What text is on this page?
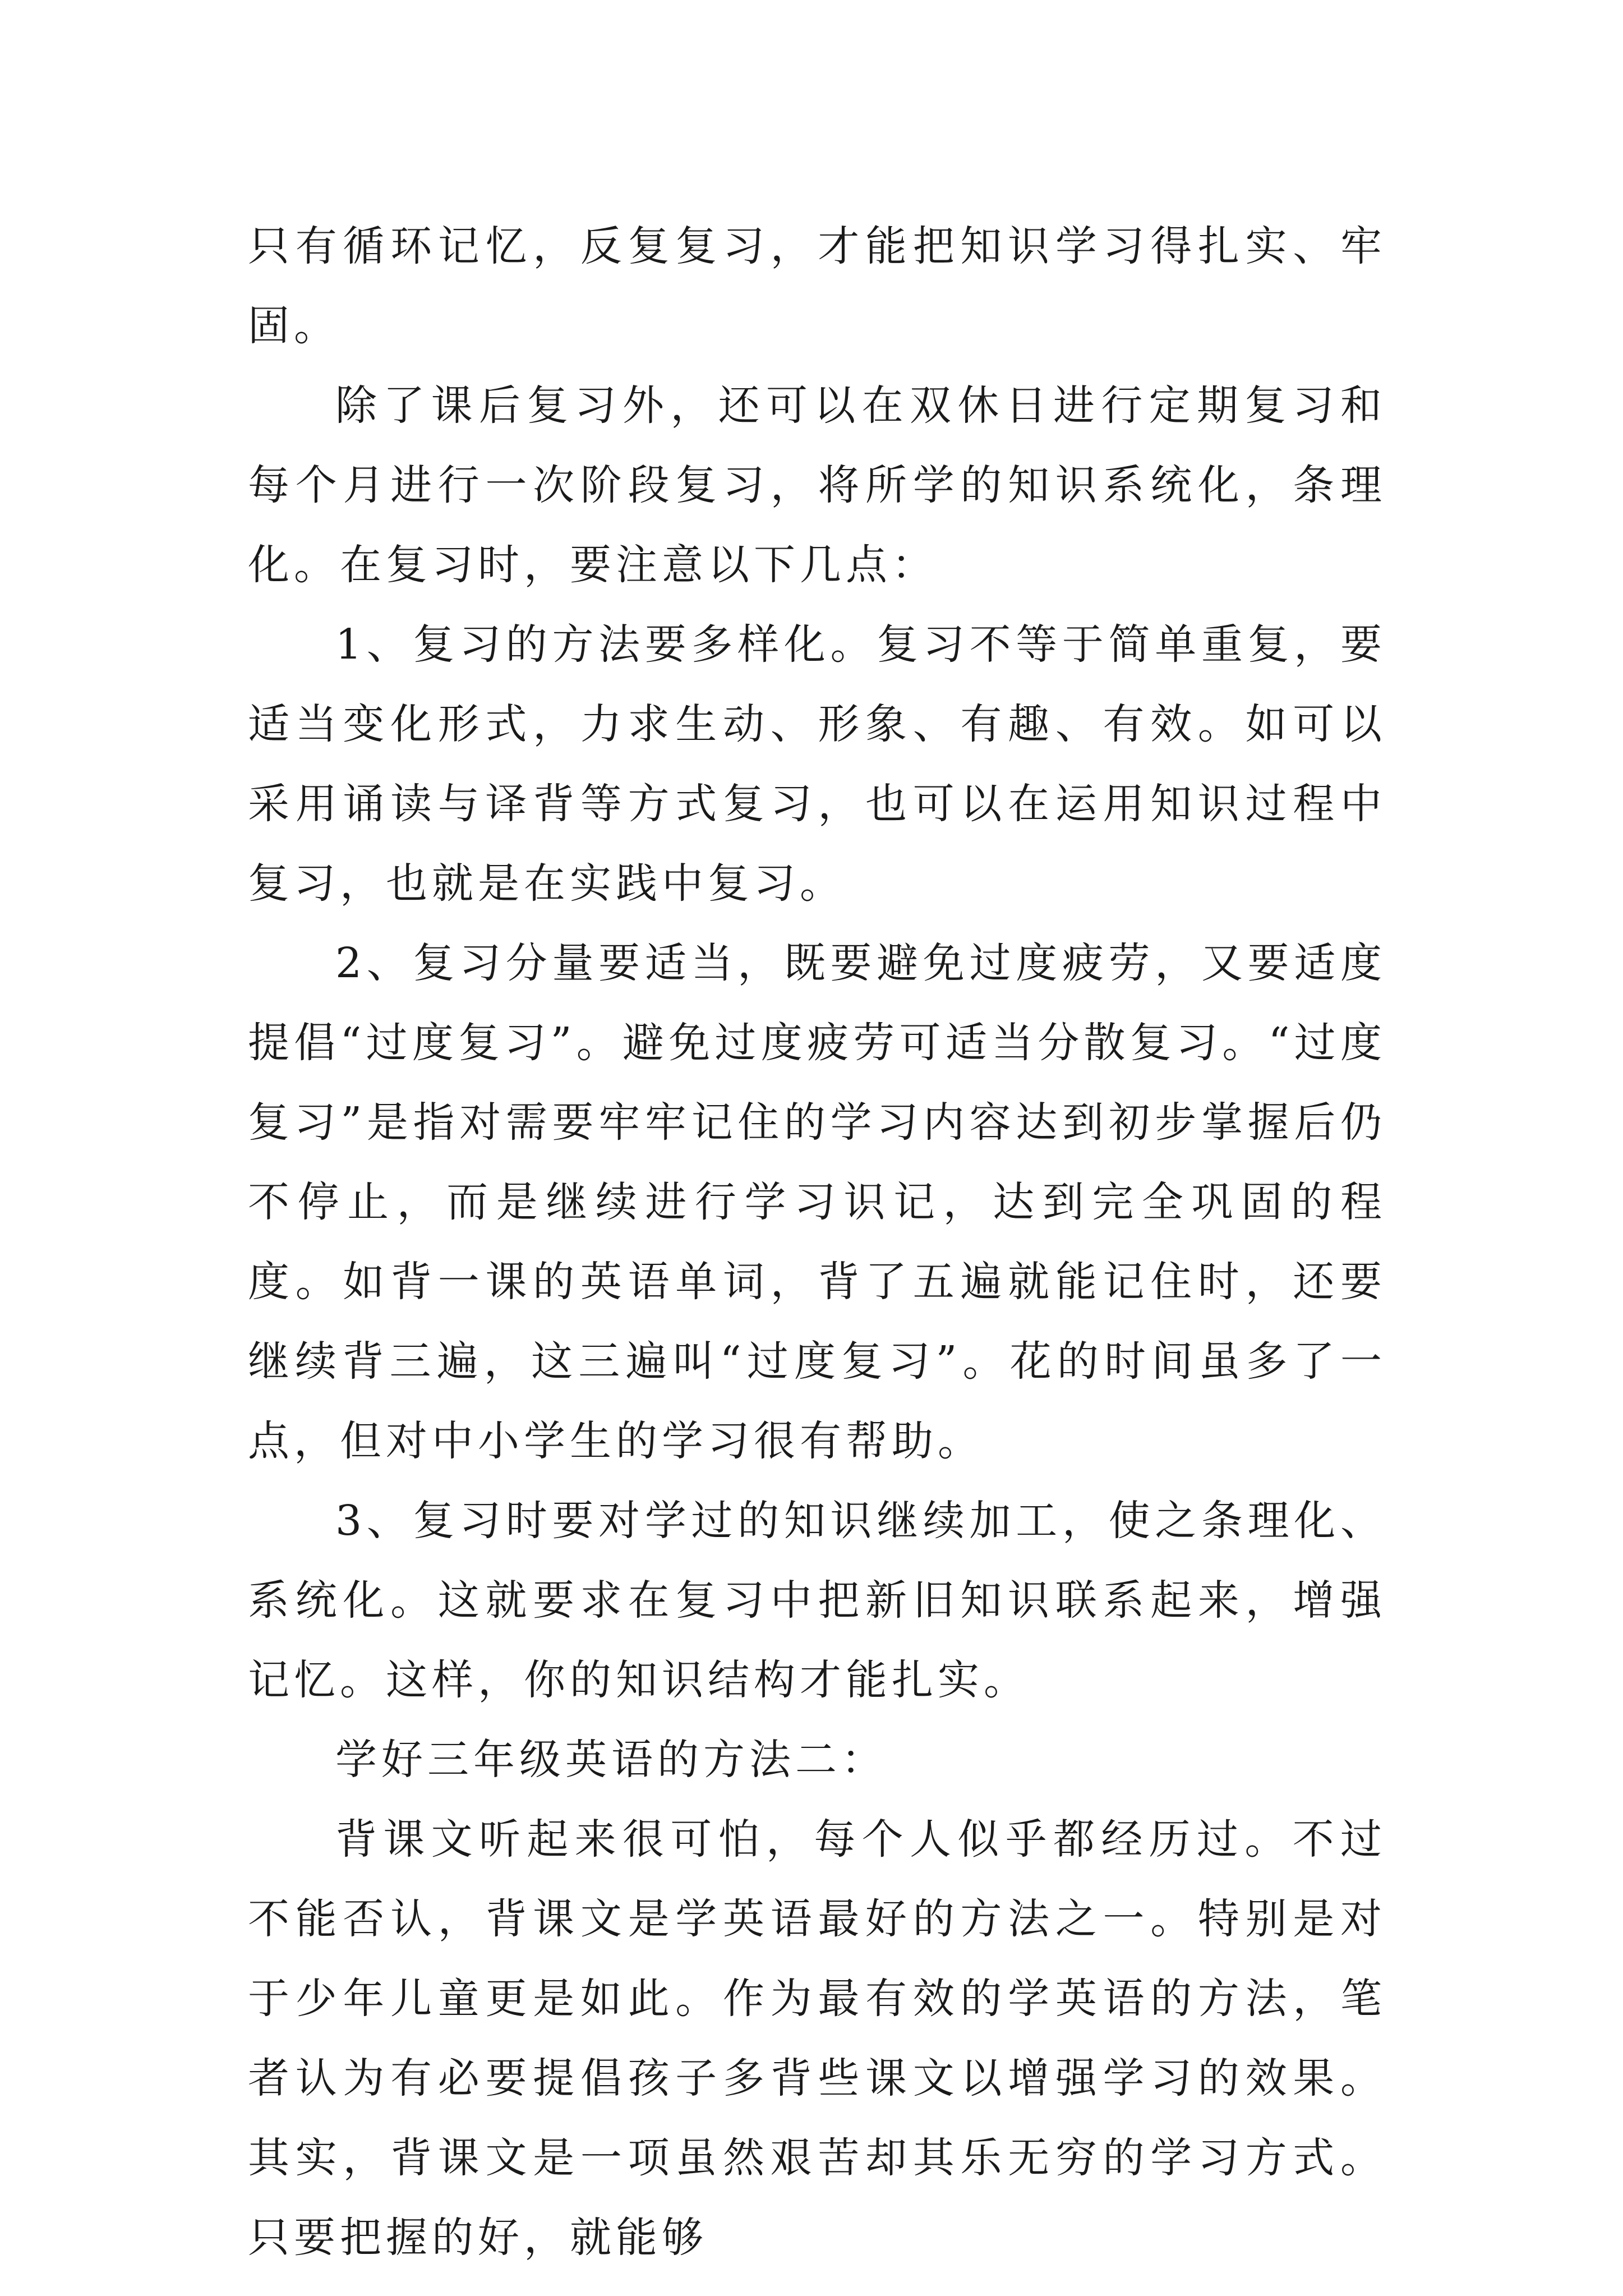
只有循环记忆，反复复习，才能把知识学习得扎实、牢固。

除了课后复习外，还可以在双休日进行定期复习和每个月进行一次阶段复习，将所学的知识系统化，条理化。在复习时，要注意以下几点：

1、复习的方法要多样化。复习不等于简单重复，要适当变化形式，力求生动、形象、有趣、有效。如可以采用诵读与译背等方式复习，也可以在运用知识过程中复习，也就是在实践中复习。

2、复习分量要适当，既要避免过度疲劳，又要适度提倡“过度复习”。避免过度疲劳可适当分散复习。“过度复习”是指对需要牢牢记住的学习内容达到初步掌握后仍不停止，而是继续进行学习识记，达到完全巩固的程度。如背一课的英语单词，背了五遍就能记住时，还要继续背三遍，这三遍叫“过度复习”。花的时间虽多了一点，但对中小学生的学习很有帮助。

3、复习时要对学过的知识继续加工，使之条理化、系统化。这就要求在复习中把新旧知识联系起来，增强记忆。这样，你的知识结构才能扎实。

学好三年级英语的方法二：

背课文听起来很可怕，每个人似乎都经历过。不过不能否认，背课文是学英语最好的方法之一。特别是对于少年儿童更是如此。作为最有效的学英语的方法，笔者认为有必要提倡孩子多背些课文以增强学习的效果。其实，背课文是一项虽然艰苦却其乐无穷的学习方式。只要把握的好，就能够
